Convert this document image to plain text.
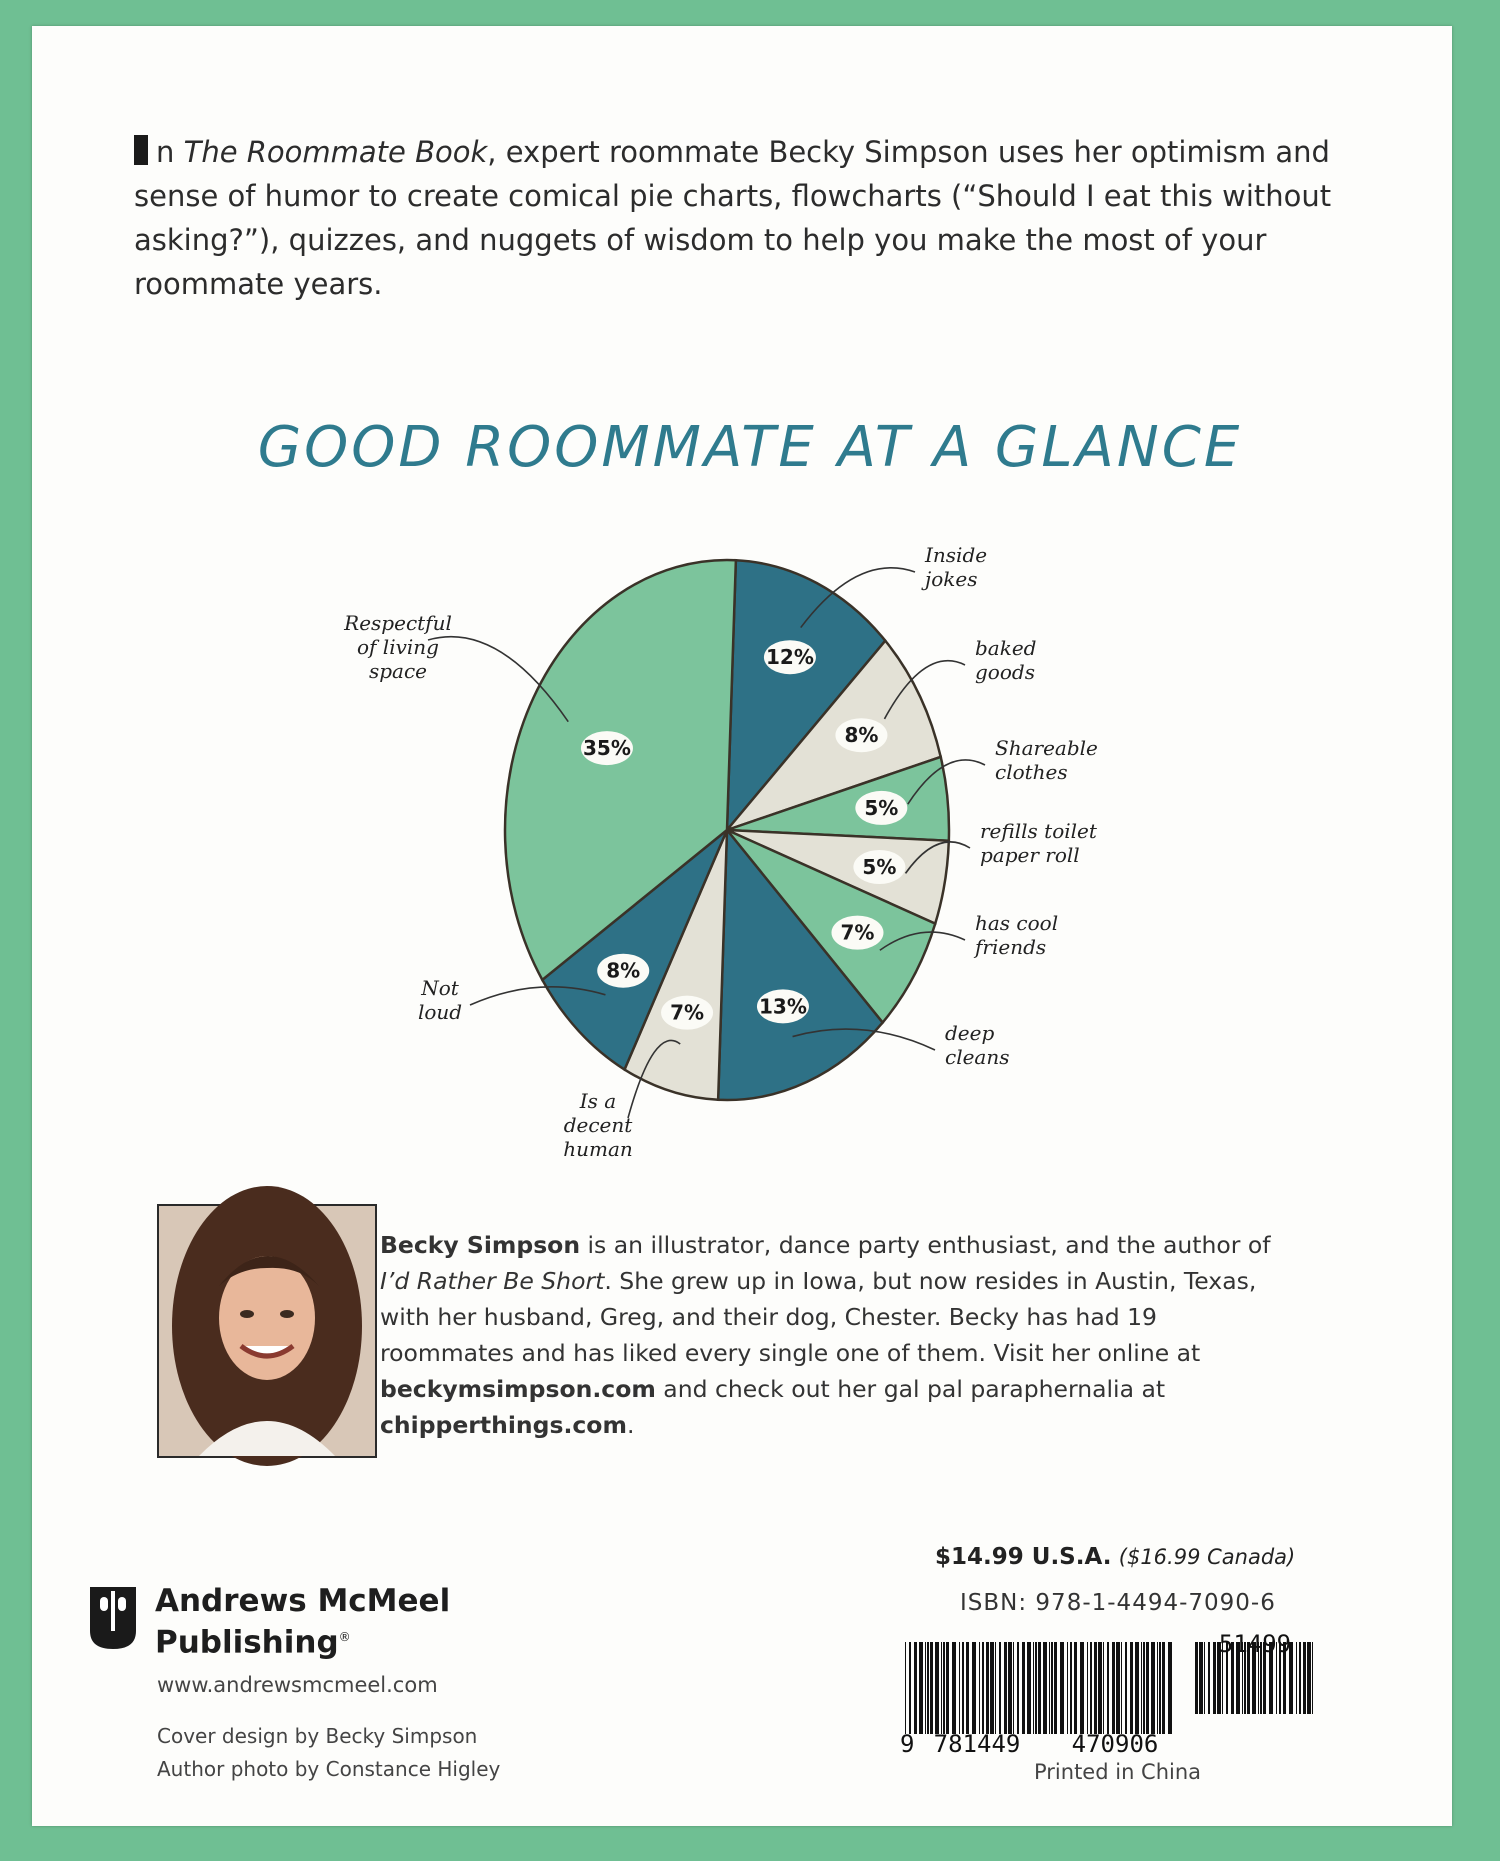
n The Roommate Book, expert roommate Becky Simpson uses her optimism and sense of humor to create comical pie charts, flowcharts (“Should I eat this without asking?”), quizzes, and nuggets of wisdom to help you make the most of your roommate years.
GOOD ROOMMATE AT A GLANCE
12%
Inside jokes
8%
baked goods
5%
Shareable clothes
5%
refills toilet paper roll
7%	has cool friends
13%
deep cleans
7%
Is a decent human
8%
Not loud
35%
Respectful of living space
Becky Simpson is an illustrator, dance party enthusiast, and the author of I’d Rather Be Short. She grew up in Iowa, but now resides in Austin, Texas, with her husband, Greg, and their dog, Chester. Becky has had 19 roommates and has liked every single one of them. Visit her online at beckymsimpson.com and check out her gal pal paraphernalia at chipperthings.com.
Andrews McMeel
Publishing®
www.andrewsmcmeel.com
Cover design by Becky Simpson
Author photo by Constance Higley
$14.99 U.S.A. ($16.99 Canada)
ISBN: 978-1-4494-7090-6
9 781449 470906
51499
Printed in China
